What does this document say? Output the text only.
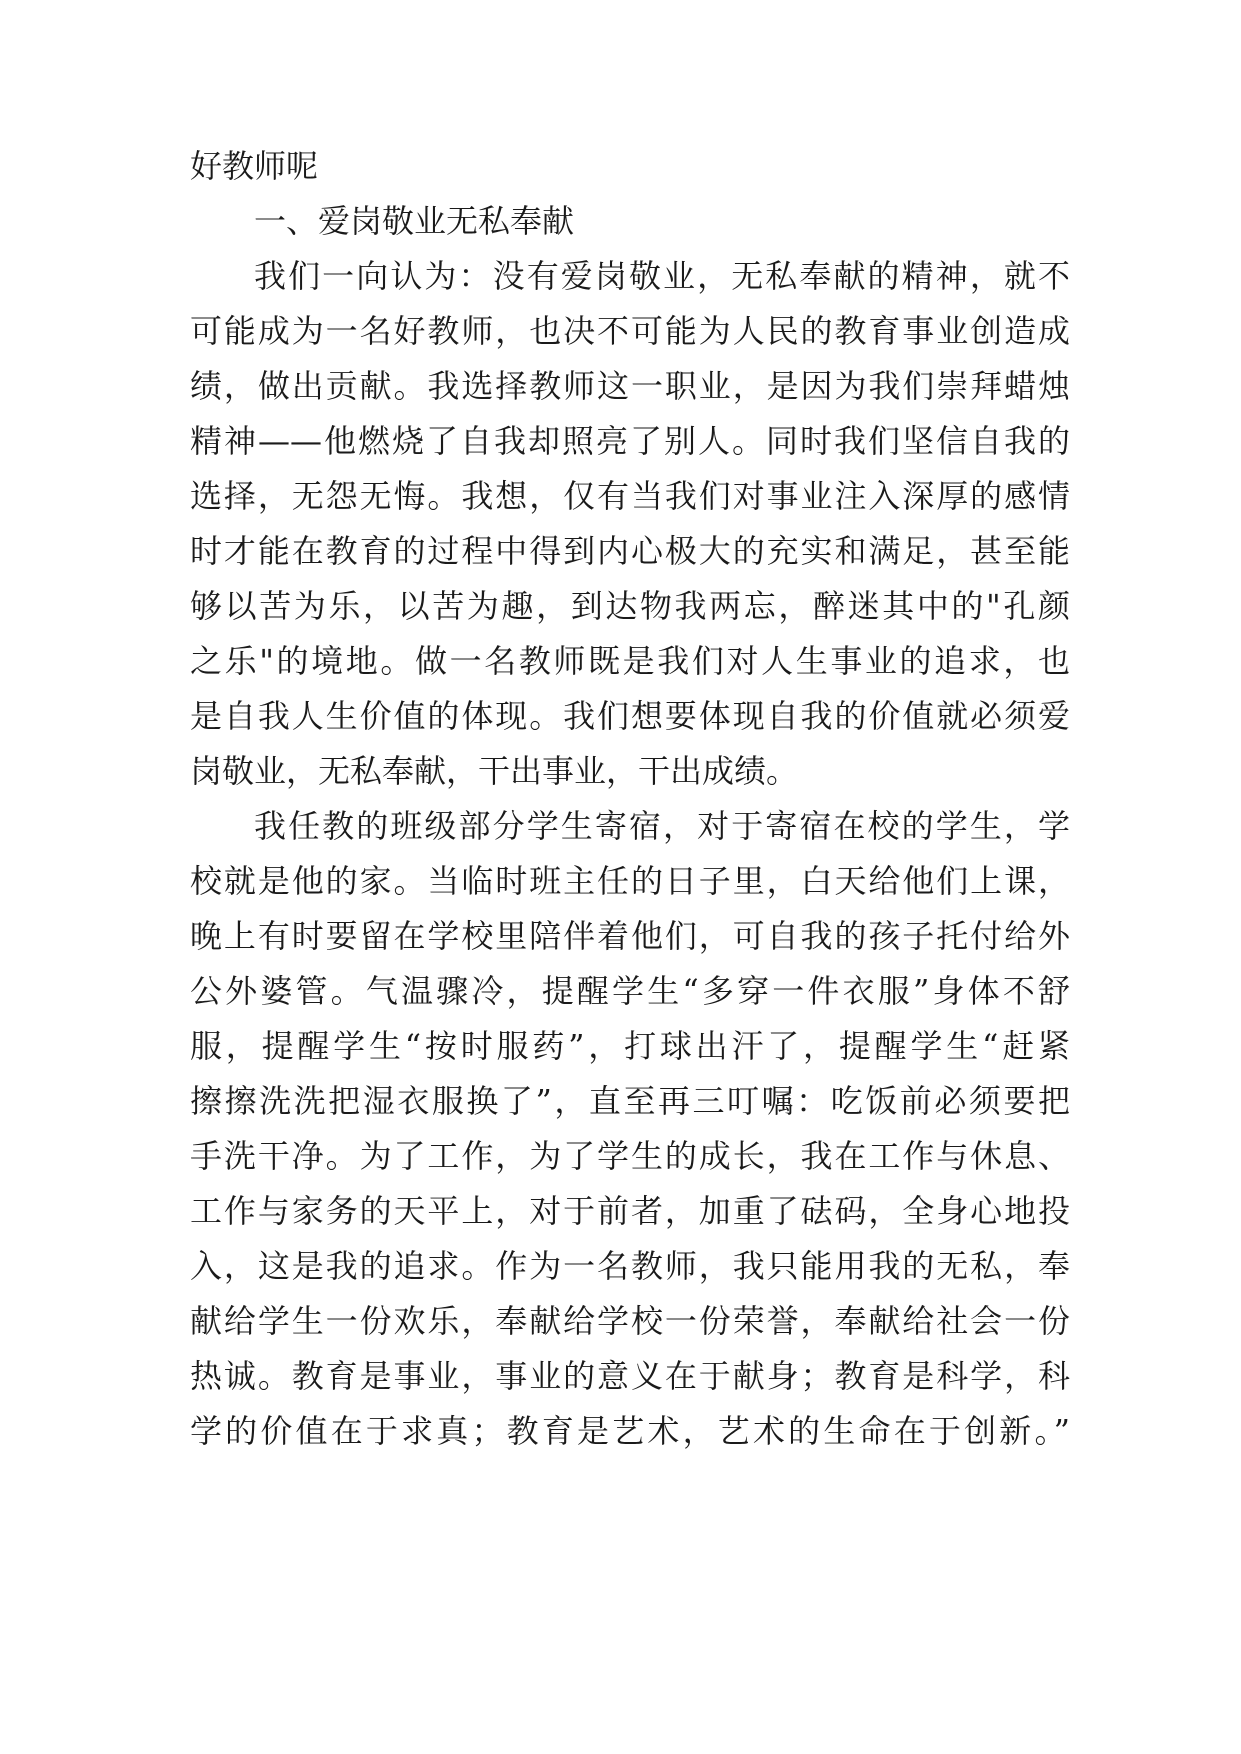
好教师呢
一、爱岗敬业无私奉献
我们一向认为：没有爱岗敬业，无私奉献的精神，就不
可能成为一名好教师，也决不可能为人民的教育事业创造成
绩，做出贡献。我选择教师这一职业，是因为我们崇拜蜡烛
精神——他燃烧了自我却照亮了别人。同时我们坚信自我的
选择，无怨无悔。我想，仅有当我们对事业注入深厚的感情
时才能在教育的过程中得到内心极大的充实和满足，甚至能
够以苦为乐，以苦为趣，到达物我两忘，醉迷其中的"孔颜
之乐"的境地。做一名教师既是我们对人生事业的追求，也
是自我人生价值的体现。我们想要体现自我的价值就必须爱
岗敬业，无私奉献，干出事业，干出成绩。
我任教的班级部分学生寄宿，对于寄宿在校的学生，学
校就是他的家。当临时班主任的日子里，白天给他们上课，
晚上有时要留在学校里陪伴着他们，可自我的孩子托付给外
公外婆管。气温骤冷，提醒学生“多穿一件衣服”身体不舒
服，提醒学生“按时服药”，打球出汗了，提醒学生“赶紧
擦擦洗洗把湿衣服换了”，直至再三叮嘱：吃饭前必须要把
手洗干净。为了工作，为了学生的成长，我在工作与休息、
工作与家务的天平上，对于前者，加重了砝码，全身心地投
入，这是我的追求。作为一名教师，我只能用我的无私，奉
献给学生一份欢乐，奉献给学校一份荣誉，奉献给社会一份
热诚。教育是事业，事业的意义在于献身；教育是科学，科
学的价值在于求真；教育是艺术，艺术的生命在于创新。”
